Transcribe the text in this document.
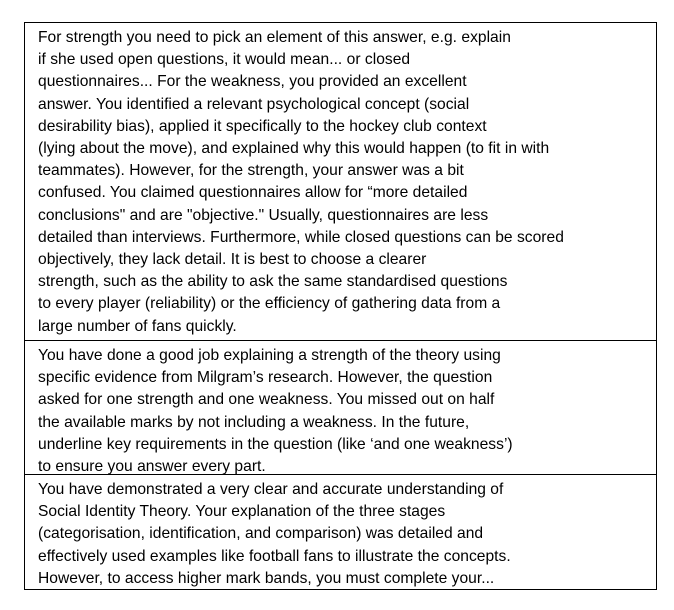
For strength you need to pick an element of this answer, e.g. explain
if she used open questions, it would mean... or closed
questionnaires... For the weakness, you provided an excellent
answer. You identified a relevant psychological concept (social
desirability bias), applied it specifically to the hockey club context
(lying about the move), and explained why this would happen (to fit in with
teammates). However, for the strength, your answer was a bit
confused. You claimed questionnaires allow for “more detailed
conclusions" and are "objective." Usually, questionnaires are less
detailed than interviews. Furthermore, while closed questions can be scored
objectively, they lack detail. It is best to choose a clearer
strength, such as the ability to ask the same standardised questions
to every player (reliability) or the efficiency of gathering data from a
large number of fans quickly.
You have done a good job explaining a strength of the theory using
specific evidence from Milgram’s research. However, the question
asked for one strength and one weakness. You missed out on half
the available marks by not including a weakness. In the future,
underline key requirements in the question (like ‘and one weakness’)
to ensure you answer every part.
You have demonstrated a very clear and accurate understanding of
Social Identity Theory. Your explanation of the three stages
(categorisation, identification, and comparison) was detailed and
effectively used examples like football fans to illustrate the concepts.
However, to access higher mark bands, you must complete your...
